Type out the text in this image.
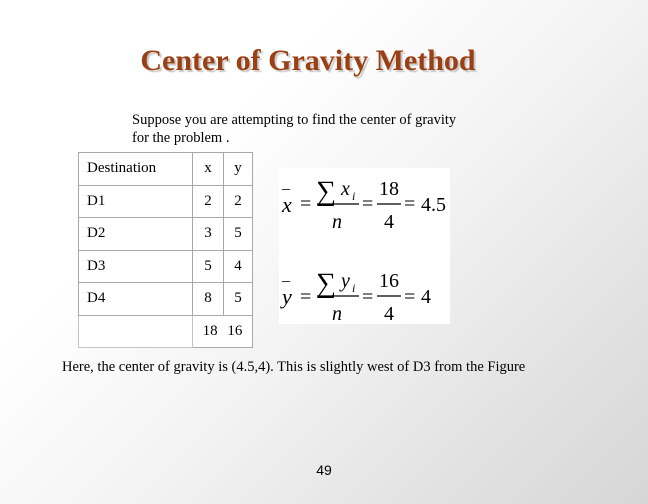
Center of Gravity Method
Suppose you are attempting to find the center of gravity
for the problem .
Destination	x	y
D1	2	2
D2	3	5
D3	5	4
D4	8	5
	18 16	
_
x = ∑ x i
n
=
18
4
= 4.5
_
y = ∑ y i
n
=
16
4
= 4
Here, the center of gravity is (4.5,4). This is slightly west of D3 from the Figure
49
